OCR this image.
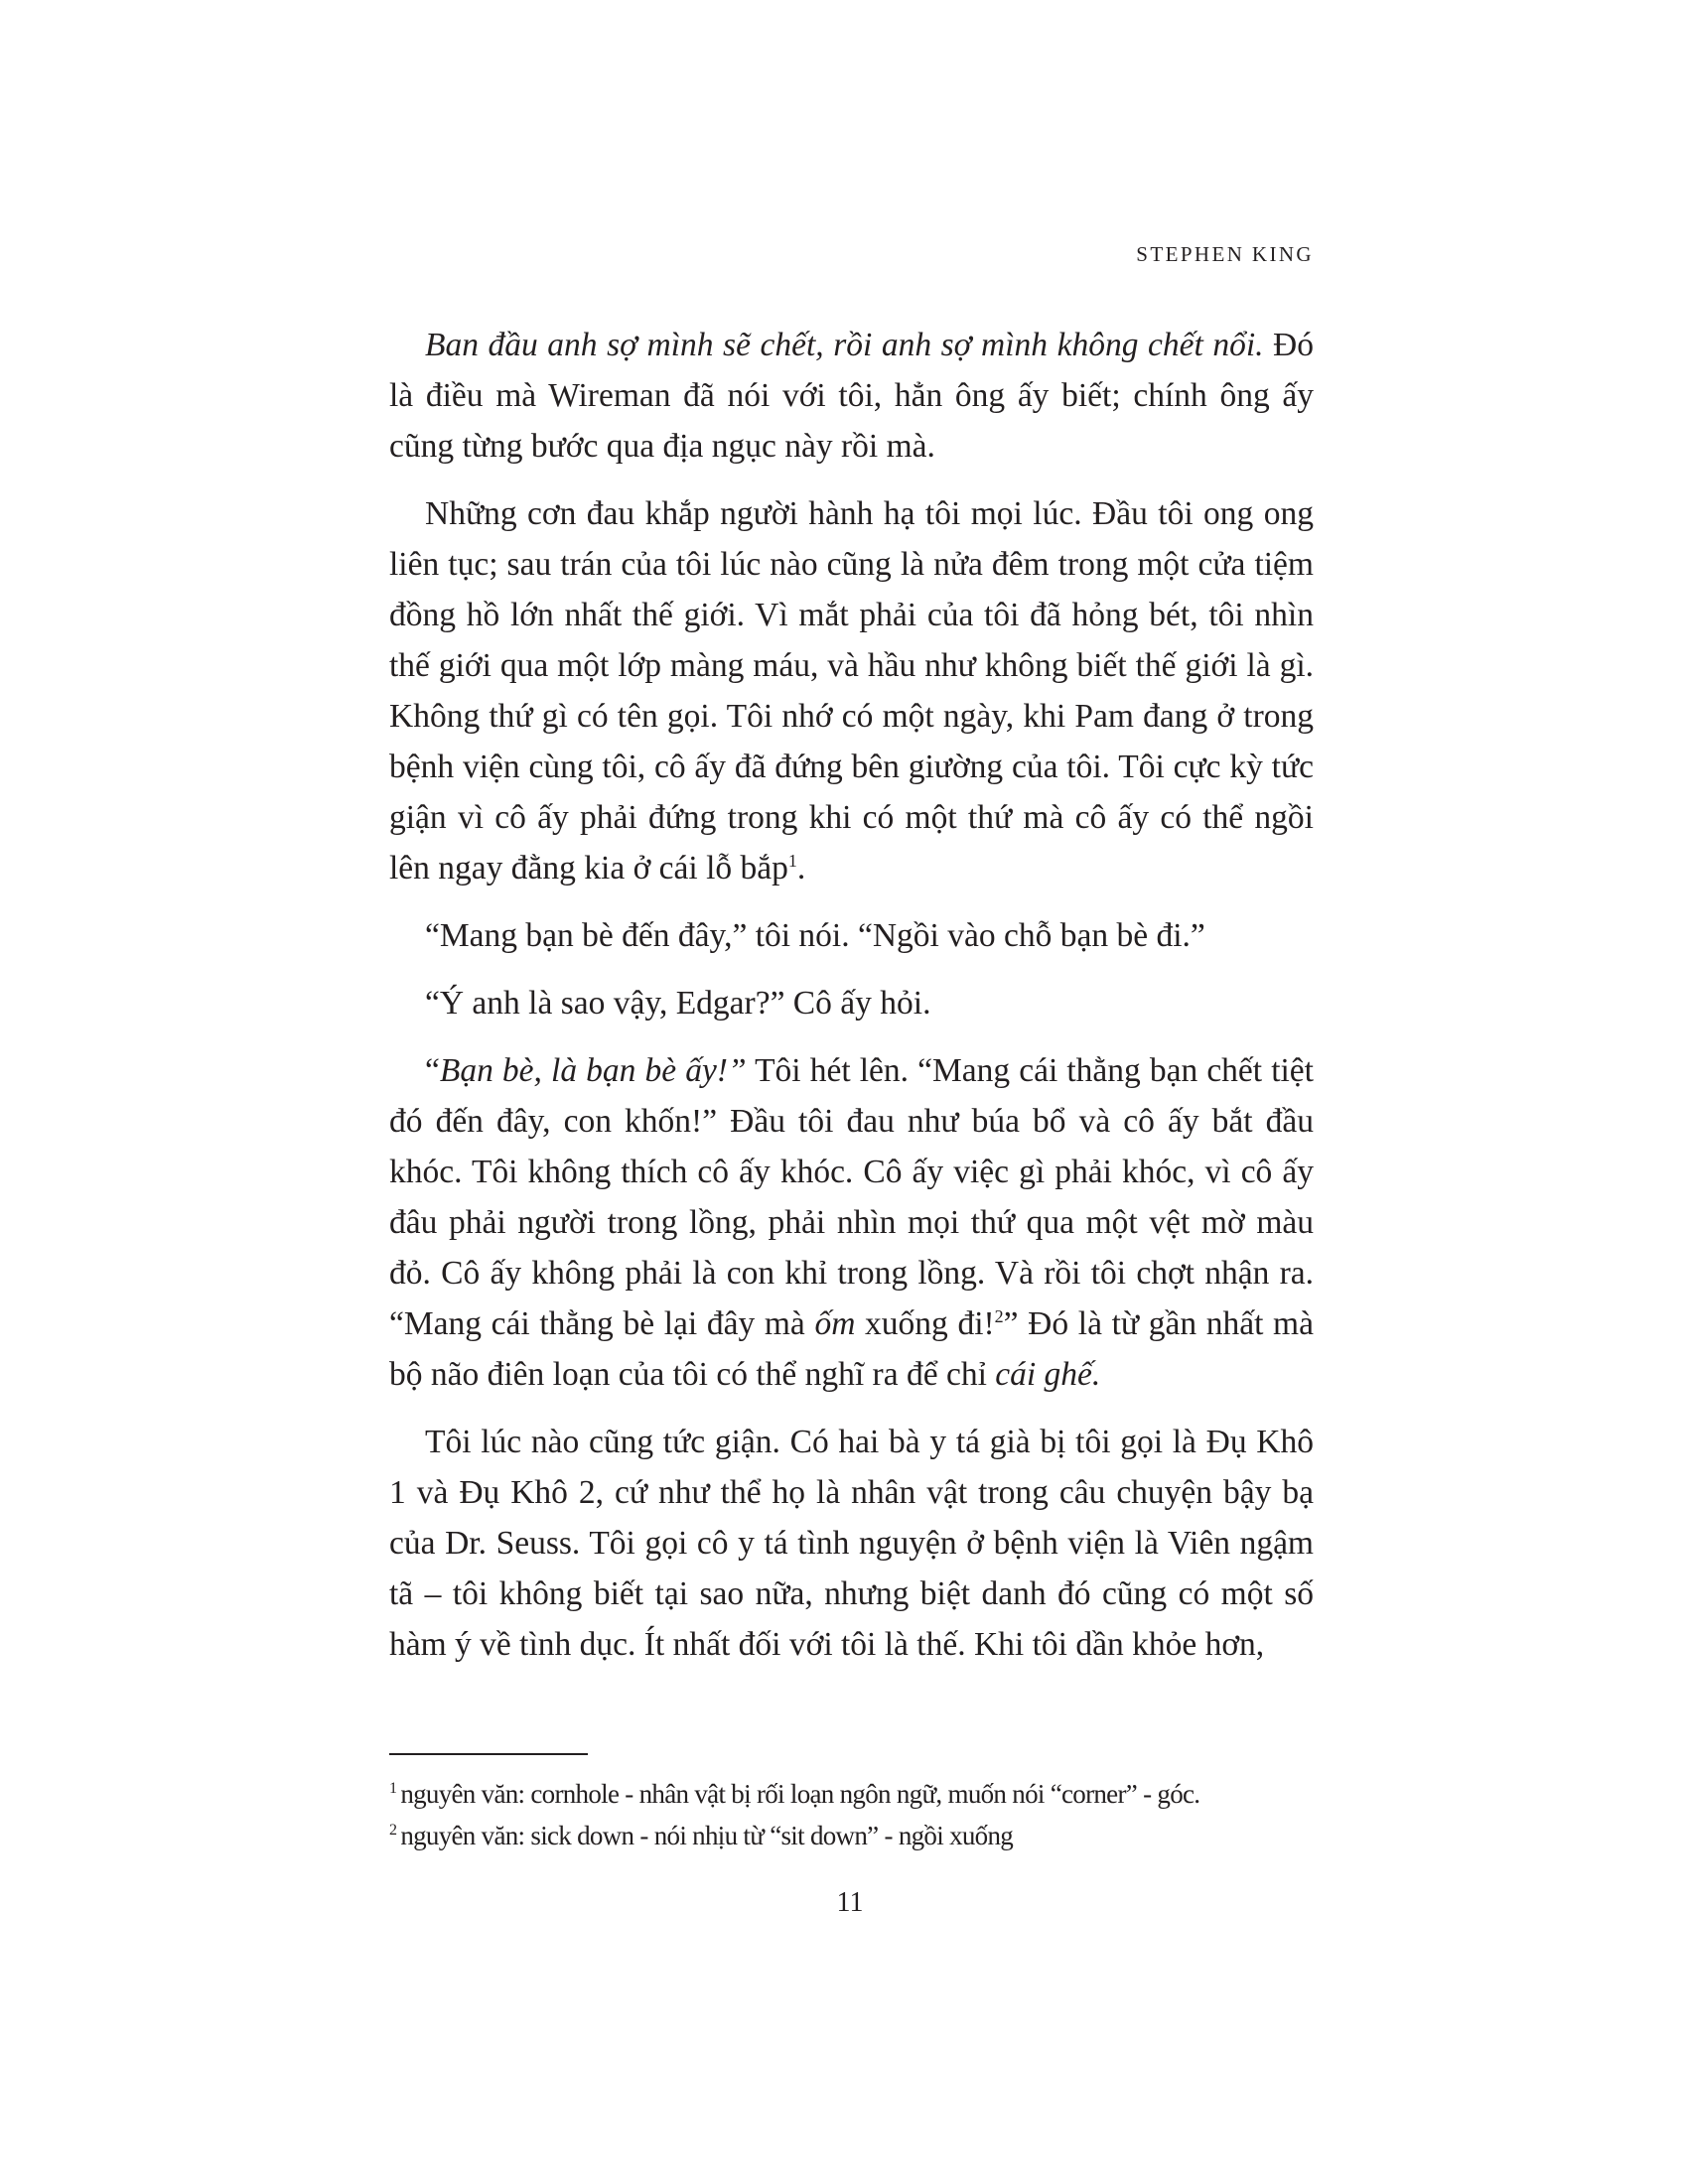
STEPHEN KING

Ban đầu anh sợ mình sẽ chết, rồi anh sợ mình không chết nổi. Đó là điều mà Wireman đã nói với tôi, hẳn ông ấy biết; chính ông ấy cũng từng bước qua địa ngục này rồi mà.

Những cơn đau khắp người hành hạ tôi mọi lúc. Đầu tôi ong ong liên tục; sau trán của tôi lúc nào cũng là nửa đêm trong một cửa tiệm đồng hồ lớn nhất thế giới. Vì mắt phải của tôi đã hỏng bét, tôi nhìn thế giới qua một lớp màng máu, và hầu như không biết thế giới là gì. Không thứ gì có tên gọi. Tôi nhớ có một ngày, khi Pam đang ở trong bệnh viện cùng tôi, cô ấy đã đứng bên giường của tôi. Tôi cực kỳ tức giận vì cô ấy phải đứng trong khi có một thứ mà cô ấy có thể ngồi lên ngay đằng kia ở cái lỗ bắp$^1$.

“Mang bạn bè đến đây,” tôi nói. “Ngồi vào chỗ bạn bè đi.”

“Ý anh là sao vậy, Edgar?” Cô ấy hỏi.

“Bạn bè, là bạn bè ấy!” Tôi hét lên. “Mang cái thằng bạn chết tiệt đó đến đây, con khốn!” Đầu tôi đau như búa bổ và cô ấy bắt đầu khóc. Tôi không thích cô ấy khóc. Cô ấy việc gì phải khóc, vì cô ấy đâu phải người trong lồng, phải nhìn mọi thứ qua một vệt mờ màu đỏ. Cô ấy không phải là con khỉ trong lồng. Và rồi tôi chợt nhận ra. “Mang cái thằng bè lại đây mà ốm xuống đi!$^2$” Đó là từ gần nhất mà bộ não điên loạn của tôi có thể nghĩ ra để chỉ cái ghế.

Tôi lúc nào cũng tức giận. Có hai bà y tá già bị tôi gọi là Đụ Khô 1 và Đụ Khô 2, cứ như thể họ là nhân vật trong câu chuyện bậy bạ của Dr. Seuss. Tôi gọi cô y tá tình nguyện ở bệnh viện là Viên ngậm tã – tôi không biết tại sao nữa, nhưng biệt danh đó cũng có một số hàm ý về tình dục. Ít nhất đối với tôi là thế. Khi tôi dần khỏe hơn,

$^1$ nguyên văn: cornhole - nhân vật bị rối loạn ngôn ngữ, muốn nói “corner” - góc.
$^2$ nguyên văn: sick down - nói nhịu từ “sit down” - ngồi xuống
11
